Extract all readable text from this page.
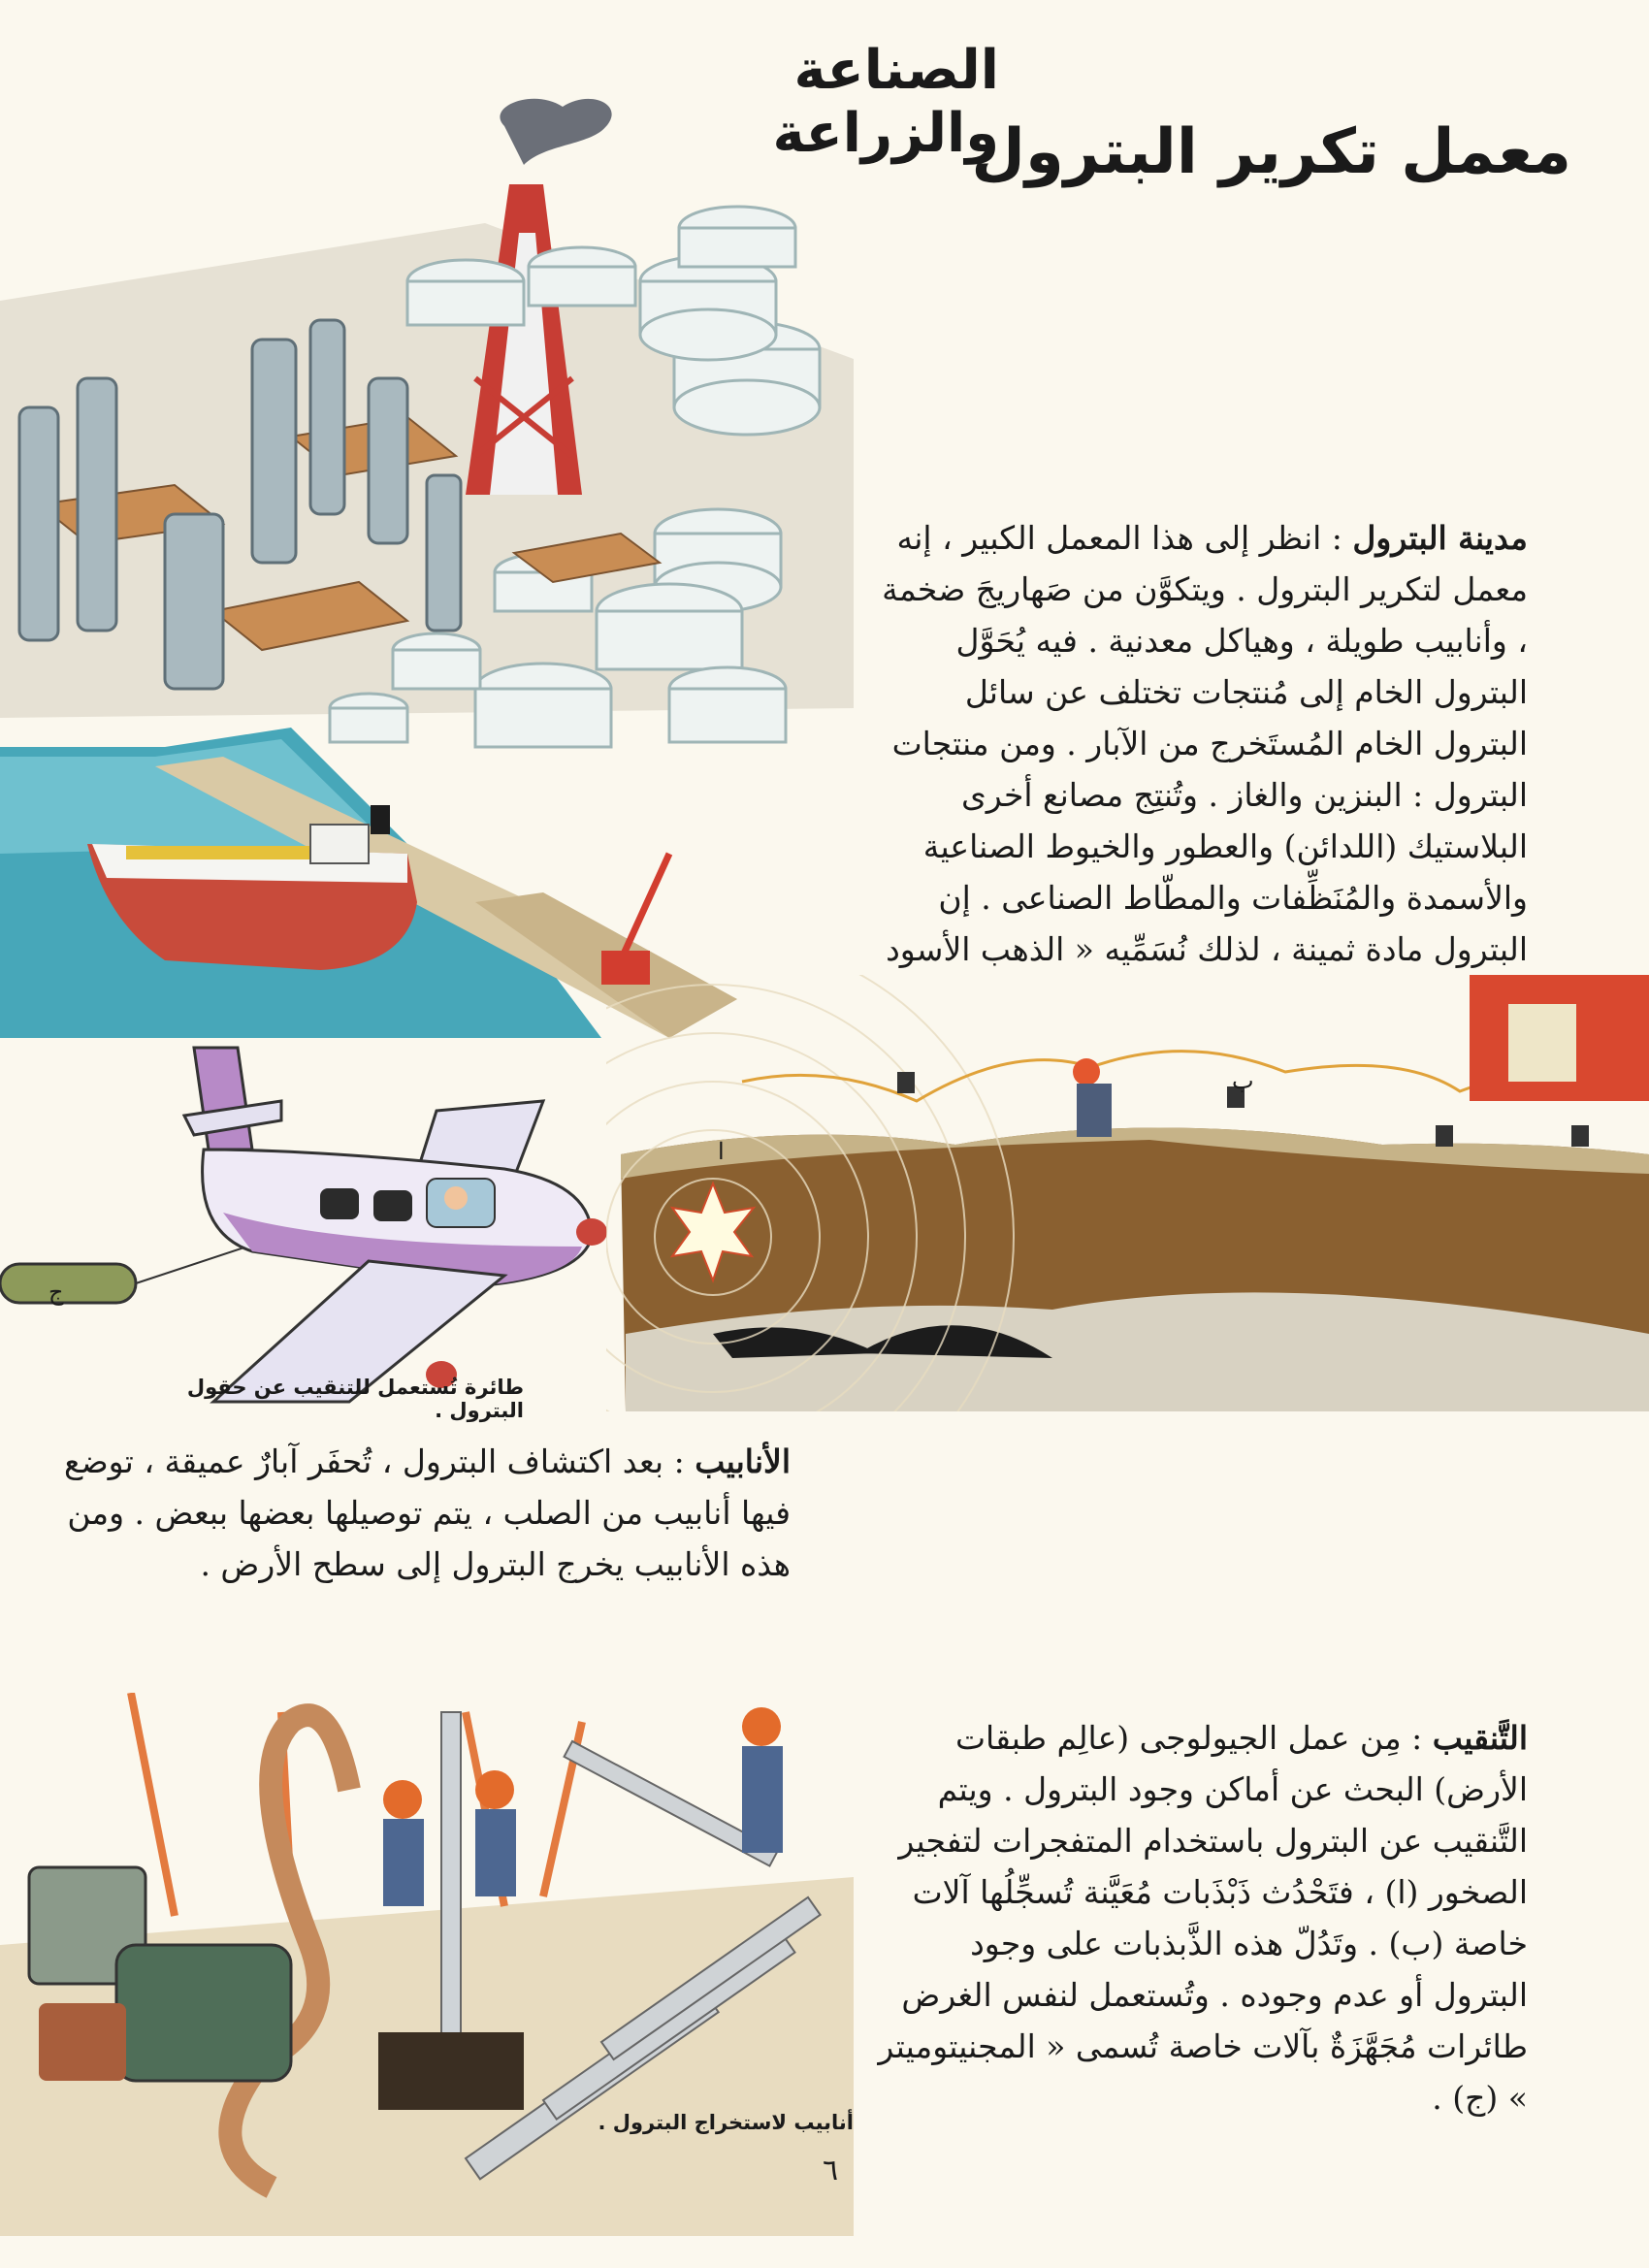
الصناعة والزراعة
معمل تكرير البترول
مدينة البترول : انظر إلى هذا المعمل الكبير ، إنه معمل لتكرير البترول . ويتكوَّن من صَهاريجَ ضخمة ، وأنابيب طويلة ، وهياكل معدنية . فيه يُحَوَّل البترول الخام إلى مُنتجات تختلف عن سائل البترول الخام المُستَخرج من الآبار . ومن منتجات البترول : البنزين والغاز . وتُنتِج مصانع أخرى البلاستيك (اللدائن) والعطور والخيوط الصناعية والأسمدة والمُنَظِّفات والمطّاط الصناعى . إن البترول مادة ثمينة ، لذلك نُسَمِّيه « الذهب الأسود
ج
طائرة تُستعمل للتنقيب عن حقول البترول .
ا
ب
الأنابيب : بعد اكتشاف البترول ، تُحفَر آبارٌ عميقة ، توضع فيها أنابيب من الصلب ، يتم توصيلها بعضها ببعض . ومن هذه الأنابيب يخرج البترول إلى سطح الأرض .
التَّنقيب : مِن عمل الجيولوجى (عالِم طبقات الأرض) البحث عن أماكن وجود البترول . ويتم التَّنقيب عن البترول باستخدام المتفجرات لتفجير الصخور (ا) ، فتَحْدُث ذَبْذَبات مُعَيَّنة تُسجِّلُها آلات خاصة (ب) . وتَدُلّ هذه الذَّبذبات على وجود البترول أو عدم وجوده . وتُستعمل لنفس الغرض طائرات مُجَهَّزَةٌ بآلات خاصة تُسمى « المجنيتوميتر » (ج) .
أنابيب لاستخراج البترول .
٦
